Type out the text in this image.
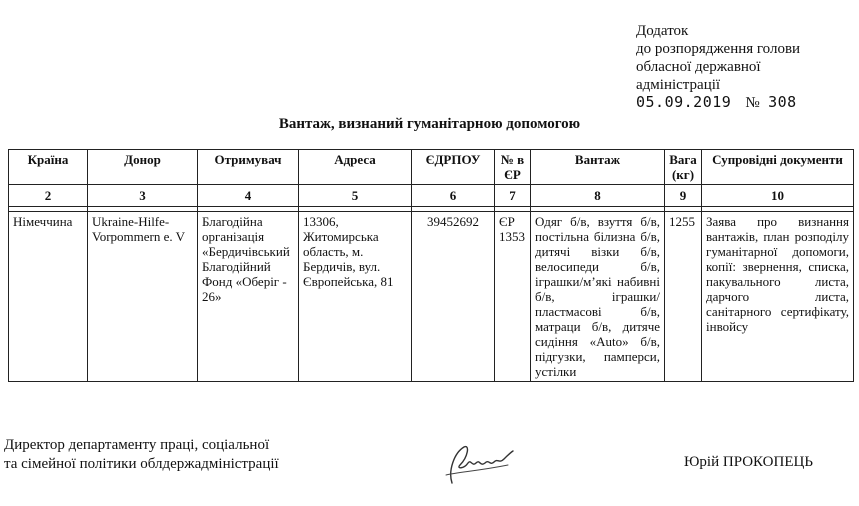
Додаток
до розпорядження голови
обласної державної
адміністрації
05.09.2019 № 308
Вантаж, визнаний гуманітарною допомогою
Країна	Донор	Отримувач	Адреса	ЄДРПОУ	№ в ЄР	Вантаж	Вага (кг)	Супровідні документи
2	3	4	5	6	7	8	9	10

Німеччина	Ukraine-Hilfe-Vorpommern e. V	Благодійна організація «Бердичівський Благодійний Фонд «Оберіг - 26»	13306, Житомирська область, м. Бердичів, вул. Європейська, 81	39452692	ЄР 1353	Одяг б/в, взуття б/в, постільна білизна б/в, дитячі візки б/в, велосипеди б/в, іграшки/м’які набивні б/в, іграшки/пластмасові б/в, матраци б/в, дитяче сидіння «Auto» б/в, підгузки, памперси, устілки	1255	Заява про визнання вантажів, план розподілу гуманітарної допомоги, копії: звернення, списка, пакувального листа, дарчого листа, санітарного сертифікату, інвойсу
Директор департаменту праці, соціальної
та сімейної політики облдержадміністрації	Юрій ПРОКОПЕЦЬ
